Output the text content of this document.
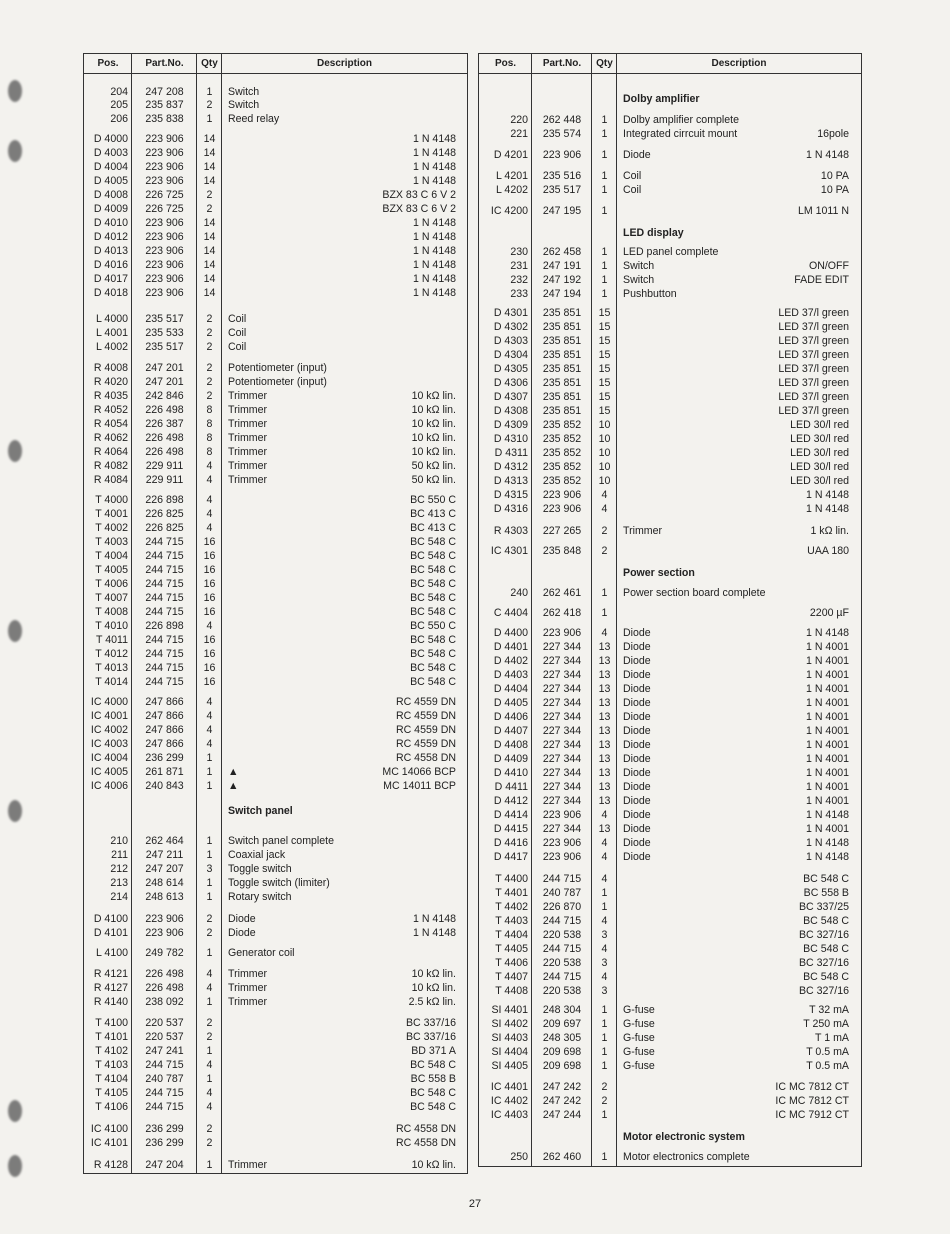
Pos.	Part.No.	Qty	Description
204	247 208	1	Switch
205	235 837	2	Switch
206	235 838	1	Reed relay
D 4000	223 906	14	1 N 4148
D 4003	223 906	14	1 N 4148
D 4004	223 906	14	1 N 4148
D 4005	223 906	14	1 N 4148
D 4008	226 725	2	BZX 83 C 6 V 2
D 4009	226 725	2	BZX 83 C 6 V 2
D 4010	223 906	14	1 N 4148
D 4012	223 906	14	1 N 4148
D 4013	223 906	14	1 N 4148
D 4016	223 906	14	1 N 4148
D 4017	223 906	14	1 N 4148
D 4018	223 906	14	1 N 4148
L 4000	235 517	2	Coil
L 4001	235 533	2	Coil
L 4002	235 517	2	Coil
R 4008	247 201	2	Potentiometer (input)
R 4020	247 201	2	Potentiometer (input)
R 4035	242 846	2	Trimmer	10 kΩ lin.
R 4052	226 498	8	Trimmer	10 kΩ lin.
R 4054	226 387	8	Trimmer	10 kΩ lin.
R 4062	226 498	8	Trimmer	10 kΩ lin.
R 4064	226 498	8	Trimmer	10 kΩ lin.
R 4082	229 911	4	Trimmer	50 kΩ lin.
R 4084	229 911	4	Trimmer	50 kΩ lin.
T 4000	226 898	4	BC 550 C
T 4001	226 825	4	BC 413 C
T 4002	226 825	4	BC 413 C
T 4003	244 715	16	BC 548 C
T 4004	244 715	16	BC 548 C
T 4005	244 715	16	BC 548 C
T 4006	244 715	16	BC 548 C
T 4007	244 715	16	BC 548 C
T 4008	244 715	16	BC 548 C
T 4010	226 898	4	BC 550 C
T 4011	244 715	16	BC 548 C
T 4012	244 715	16	BC 548 C
T 4013	244 715	16	BC 548 C
T 4014	244 715	16	BC 548 C
IC 4000	247 866	4	RC 4559 DN
IC 4001	247 866	4	RC 4559 DN
IC 4002	247 866	4	RC 4559 DN
IC 4003	247 866	4	RC 4559 DN
IC 4004	236 299	1	RC 4558 DN
IC 4005	261 871	1	▲	MC 14066 BCP
IC 4006	240 843	1	▲	MC 14011 BCP
Switch panel
210	262 464	1	Switch panel complete
211	247 211	1	Coaxial jack
212	247 207	3	Toggle switch
213	248 614	1	Toggle switch (limiter)
214	248 613	1	Rotary switch
D 4100	223 906	2	Diode	1 N 4148
D 4101	223 906	2	Diode	1 N 4148
L 4100	249 782	1	Generator coil
R 4121	226 498	4	Trimmer	10 kΩ lin.
R 4127	226 498	4	Trimmer	10 kΩ lin.
R 4140	238 092	1	Trimmer	2.5 kΩ lin.
T 4100	220 537	2	BC 337/16
T 4101	220 537	2	BC 337/16
T 4102	247 241	1	BD 371 A
T 4103	244 715	4	BC 548 C
T 4104	240 787	1	BC 558 B
T 4105	244 715	4	BC 548 C
T 4106	244 715	4	BC 548 C
IC 4100	236 299	2	RC 4558 DN
IC 4101	236 299	2	RC 4558 DN
R 4128	247 204	1	Trimmer	10 kΩ lin.
Pos.	Part.No.	Qty	Description
Dolby amplifier
220	262 448	1	Dolby amplifier complete
221	235 574	1	Integrated cirrcuit mount	16pole
D 4201	223 906	1	Diode	1 N 4148
L 4201	235 516	1	Coil	10 PA
L 4202	235 517	1	Coil	10 PA
IC 4200	247 195	1	LM 1011 N
LED display
230	262 458	1	LED panel complete
231	247 191	1	Switch	ON/OFF
232	247 192	1	Switch	FADE EDIT
233	247 194	1	Pushbutton
D 4301	235 851	15	LED 37/l green
D 4302	235 851	15	LED 37/l green
D 4303	235 851	15	LED 37/l green
D 4304	235 851	15	LED 37/l green
D 4305	235 851	15	LED 37/l green
D 4306	235 851	15	LED 37/l green
D 4307	235 851	15	LED 37/l green
D 4308	235 851	15	LED 37/l green
D 4309	235 852	10	LED 30/l red
D 4310	235 852	10	LED 30/l red
D 4311	235 852	10	LED 30/l red
D 4312	235 852	10	LED 30/l red
D 4313	235 852	10	LED 30/l red
D 4315	223 906	4	1 N 4148
D 4316	223 906	4	1 N 4148
R 4303	227 265	2	Trimmer	1 kΩ lin.
IC 4301	235 848	2	UAA 180
Power section
240	262 461	1	Power section board complete
C 4404	262 418	1	2200 µF
D 4400	223 906	4	Diode	1 N 4148
D 4401	227 344	13	Diode	1 N 4001
D 4402	227 344	13	Diode	1 N 4001
D 4403	227 344	13	Diode	1 N 4001
D 4404	227 344	13	Diode	1 N 4001
D 4405	227 344	13	Diode	1 N 4001
D 4406	227 344	13	Diode	1 N 4001
D 4407	227 344	13	Diode	1 N 4001
D 4408	227 344	13	Diode	1 N 4001
D 4409	227 344	13	Diode	1 N 4001
D 4410	227 344	13	Diode	1 N 4001
D 4411	227 344	13	Diode	1 N 4001
D 4412	227 344	13	Diode	1 N 4001
D 4414	223 906	4	Diode	1 N 4148
D 4415	227 344	13	Diode	1 N 4001
D 4416	223 906	4	Diode	1 N 4148
D 4417	223 906	4	Diode	1 N 4148
T 4400	244 715	4	BC 548 C
T 4401	240 787	1	BC 558 B
T 4402	226 870	1	BC 337/25
T 4403	244 715	4	BC 548 C
T 4404	220 538	3	BC 327/16
T 4405	244 715	4	BC 548 C
T 4406	220 538	3	BC 327/16
T 4407	244 715	4	BC 548 C
T 4408	220 538	3	BC 327/16
SI 4401	248 304	1	G-fuse	T 32 mA
SI 4402	209 697	1	G-fuse	T 250 mA
SI 4403	248 305	1	G-fuse	T 1 mA
SI 4404	209 698	1	G-fuse	T 0.5 mA
SI 4405	209 698	1	G-fuse	T 0.5 mA
IC 4401	247 242	2	IC MC 7812 CT
IC 4402	247 242	2	IC MC 7812 CT
IC 4403	247 244	1	IC MC 7912 CT
Motor electronic system
250	262 460	1	Motor electronics complete
27
